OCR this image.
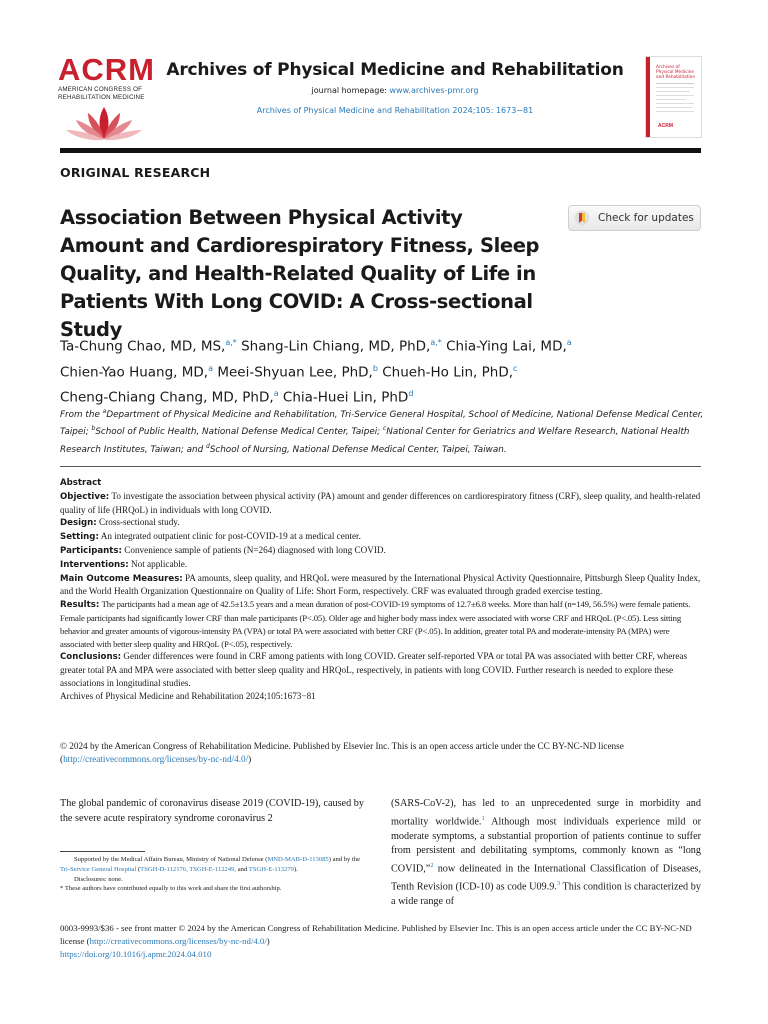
ACRM
AMERICAN CONGRESS OF
REHABILITATION MEDICINE
Archives of Physical Medicine and Rehabilitation
journal homepage: www.archives-pmr.org
Archives of Physical Medicine and Rehabilitation 2024;105: 1673−81
Archives of
Physical Medicine
and Rehabilitation
ACRM
ORIGINAL RESEARCH
Association Between Physical Activity Amount and Cardiorespiratory Fitness, Sleep Quality, and Health-Related Quality of Life in Patients With Long COVID: A Cross-sectional Study
Check for updates
Ta-Chung Chao, MD, MS,$^{a,*}$ Shang-Lin Chiang, MD, PhD,$^{a,*}$ Chia-Ying Lai, MD,$^a$
Chien-Yao Huang, MD,$^a$ Meei-Shyuan Lee, PhD,$^b$ Chueh-Ho Lin, PhD,$^c$
Cheng-Chiang Chang, MD, PhD,$^a$ Chia-Huei Lin, PhD$^d$
From the $^a$Department of Physical Medicine and Rehabilitation, Tri-Service General Hospital, School of Medicine, National Defense Medical Center, Taipei; $^b$School of Public Health, National Defense Medical Center, Taipei; $^c$National Center for Geriatrics and Welfare Research, National Health Research Institutes, Taiwan; and $^d$School of Nursing, National Defense Medical Center, Taipei, Taiwan.

Abstract

Objective: To investigate the association between physical activity (PA) amount and gender differences on cardiorespiratory fitness (CRF), sleep quality, and health-related quality of life (HRQoL) in individuals with long COVID.

Design: Cross-sectional study.

Setting: An integrated outpatient clinic for post-COVID-19 at a medical center.

Participants: Convenience sample of patients (N=264) diagnosed with long COVID.

Interventions: Not applicable.

Main Outcome Measures: PA amounts, sleep quality, and HRQoL were measured by the International Physical Activity Questionnaire, Pittsburgh Sleep Quality Index, and the World Health Organization Questionnaire on Quality of Life: Short Form, respectively. CRF was evaluated through graded exercise testing.

Results: The participants had a mean age of 42.5±13.5 years and a mean duration of post-COVID-19 symptoms of 12.7±6.8 weeks. More than half (n=149, 56.5%) were female patients. Female participants had significantly lower CRF than male participants (P<.05). Older age and higher body mass index were associated with worse CRF and HRQoL (P<.05). Less sitting behavior and greater amounts of vigorous-intensity PA (VPA) or total PA were associated with better CRF (P<.05). In addition, greater total PA and moderate-intensity PA (MPA) were associated with better sleep quality and HRQoL (P<.05), respectively.

Conclusions: Gender differences were found in CRF among patients with long COVID. Greater self-reported VPA or total PA was associated with better CRF, whereas greater total PA and MPA were associated with better sleep quality and HRQoL, respectively, in patients with long COVID. Further research is needed to explore these associations in longitudinal studies.

Archives of Physical Medicine and Rehabilitation 2024;105:1673−81

© 2024 by the American Congress of Rehabilitation Medicine. Published by Elsevier Inc. This is an open access article under the CC BY-NC-ND license (http://creativecommons.org/licenses/by-nc-nd/4.0/)
The global pandemic of coronavirus disease 2019 (COVID-19), caused by the severe acute respiratory syndrome coronavirus 2
(SARS-CoV-2), has led to an unprecedented surge in morbidity and mortality worldwide.$^1$ Although most individuals experience mild or moderate symptoms, a substantial proportion of patients continue to suffer from persistent and debilitating symptoms, commonly known as “long COVID,”$^2$ now delineated in the International Classification of Diseases, Tenth Revision (ICD-10) as code U09.9.$^3$ This condition is characterized by a wide range of

Supported by the Medical Affairs Bureau, Ministry of National Defense (MND-MAB-D-113085) and by the Tri-Service General Hospital (TSGH-D-112176, TSGH-E-112249, and TSGH-E-113279).

Disclosures: none.

* These authors have contributed equally to this work and share the first authorship.

0003-9993/$36 - see front matter © 2024 by the American Congress of Rehabilitation Medicine. Published by Elsevier Inc. This is an open access article under the CC BY-NC-ND license (http://creativecommons.org/licenses/by-nc-nd/4.0/)
https://doi.org/10.1016/j.apmr.2024.04.010
